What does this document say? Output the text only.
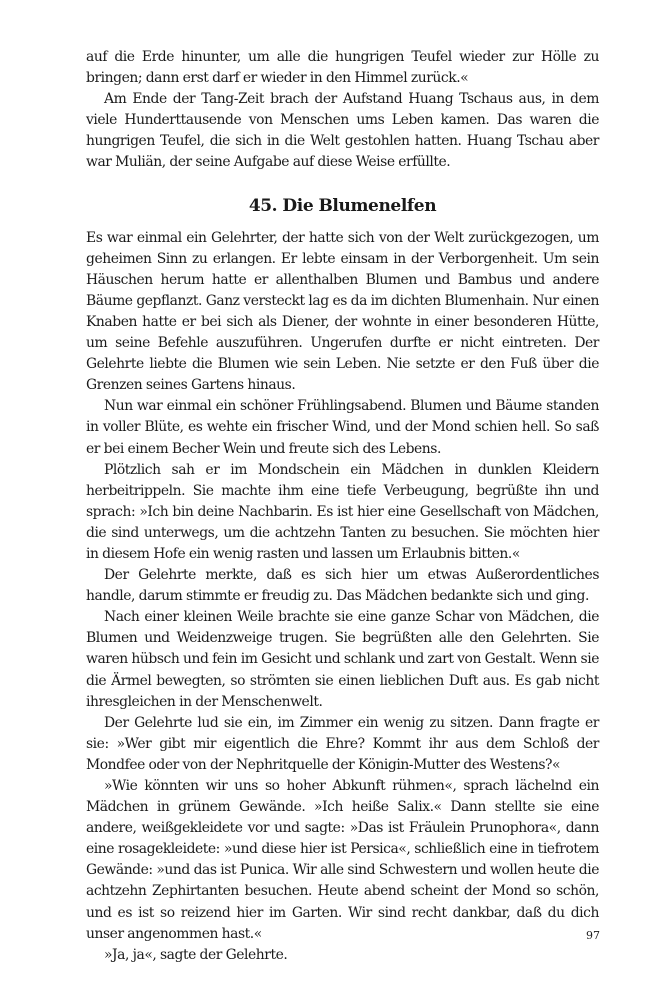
auf die Erde hinunter, um alle die hungrigen Teufel wieder zur Hölle zu bringen; dann erst darf er wieder in den Himmel zurück.«

Am Ende der Tang-Zeit brach der Aufstand Huang Tschaus aus, in dem viele Hunderttausende von Menschen ums Leben kamen. Das waren die hungrigen Teufel, die sich in die Welt gestohlen hatten. Huang Tschau aber war Muliän, der seine Aufgabe auf diese Weise erfüllte.

45. Die Blumenelfen

Es war einmal ein Gelehrter, der hatte sich von der Welt zurückgezogen, um geheimen Sinn zu erlangen. Er lebte einsam in der Verborgenheit. Um sein Häuschen herum hatte er allenthalben Blumen und Bambus und andere Bäume gepflanzt. Ganz versteckt lag es da im dichten Blumenhain. Nur einen Knaben hatte er bei sich als Diener, der wohnte in einer besonderen Hütte, um seine Befehle auszuführen. Ungerufen durfte er nicht eintreten. Der Gelehrte liebte die Blumen wie sein Leben. Nie setzte er den Fuß über die Grenzen seines Gartens hinaus.

Nun war einmal ein schöner Frühlingsabend. Blumen und Bäume standen in voller Blüte, es wehte ein frischer Wind, und der Mond schien hell. So saß er bei einem Becher Wein und freute sich des Lebens.

Plötzlich sah er im Mondschein ein Mädchen in dunklen Kleidern herbeitrippeln. Sie machte ihm eine tiefe Verbeugung, begrüßte ihn und sprach: »Ich bin deine Nachbarin. Es ist hier eine Gesellschaft von Mädchen, die sind unterwegs, um die achtzehn Tanten zu besuchen. Sie möchten hier in diesem Hofe ein wenig rasten und lassen um Erlaubnis bitten.«

Der Gelehrte merkte, daß es sich hier um etwas Außerordentliches handle, darum stimmte er freudig zu. Das Mädchen bedankte sich und ging.

Nach einer kleinen Weile brachte sie eine ganze Schar von Mädchen, die Blumen und Weidenzweige trugen. Sie begrüßten alle den Gelehrten. Sie waren hübsch und fein im Gesicht und schlank und zart von Gestalt. Wenn sie die Ärmel bewegten, so strömten sie einen lieblichen Duft aus. Es gab nicht ihresgleichen in der Menschenwelt.

Der Gelehrte lud sie ein, im Zimmer ein wenig zu sitzen. Dann fragte er sie: »Wer gibt mir eigentlich die Ehre? Kommt ihr aus dem Schloß der Mondfee oder von der Nephritquelle der Königin-Mutter des Westens?«

»Wie könnten wir uns so hoher Abkunft rühmen«, sprach lächelnd ein Mädchen in grünem Gewände. »Ich heiße Salix.« Dann stellte sie eine andere, weißgekleidete vor und sagte: »Das ist Fräulein Prunophora«, dann eine rosagekleidete: »und diese hier ist Persica«, schließlich eine in tiefrotem Gewände: »und das ist Punica. Wir alle sind Schwestern und wollen heute die achtzehn Zephirtanten besuchen. Heute abend scheint der Mond so schön, und es ist so reizend hier im Garten. Wir sind recht dankbar, daß du dich unser angenommen hast.«

»Ja, ja«, sagte der Gelehrte.

97
